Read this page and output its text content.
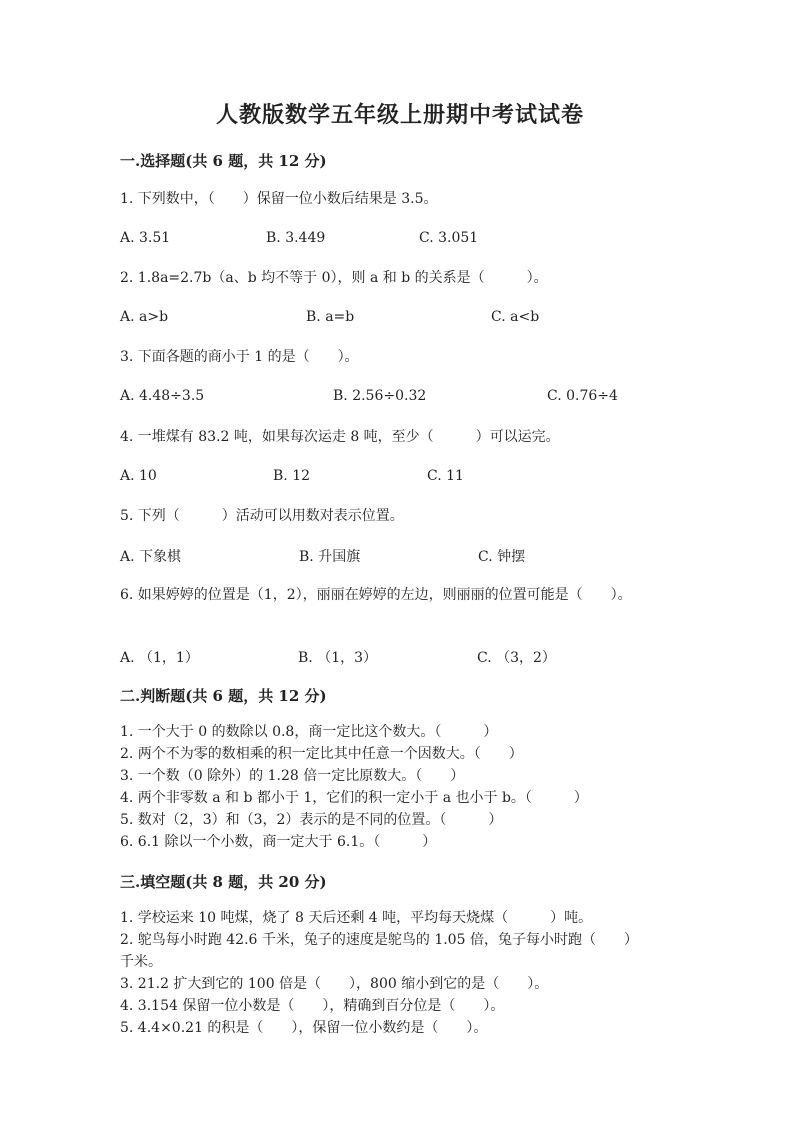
人教版数学五年级上册期中考试试卷
一.选择题(共 6 题，共 12 分)
1. 下列数中，（　　）保留一位小数后结果是 3.5。
A. 3.51	B. 3.449	C. 3.051
2. 1.8a=2.7b（a、b 均不等于 0），则 a 和 b 的关系是（　　　）。
A. a>b	B. a=b	C. a<b
3. 下面各题的商小于 1 的是（　　）。
A. 4.48÷3.5	B. 2.56÷0.32	C. 0.76÷4
4. 一堆煤有 83.2 吨，如果每次运走 8 吨，至少（　　　）可以运完。
A. 10	B. 12	C. 11
5. 下列（　　　）活动可以用数对表示位置。
A. 下象棋	B. 升国旗	C. 钟摆
6. 如果婷婷的位置是（1，2），丽丽在婷婷的左边，则丽丽的位置可能是（　　）。
A. （1，1）	B. （1，3）	C. （3，2）
二.判断题(共 6 题，共 12 分)
1. 一个大于 0 的数除以 0.8，商一定比这个数大。（　　　）
2. 两个不为零的数相乘的积一定比其中任意一个因数大。（　　）
3. 一个数（0 除外）的 1.28 倍一定比原数大。（　　）
4. 两个非零数 a 和 b 都小于 1，它们的积一定小于 a 也小于 b。（　　　）
5. 数对（2，3）和（3，2）表示的是不同的位置。（　　　）
6. 6.1 除以一个小数，商一定大于 6.1。（　　　）
三.填空题(共 8 题，共 20 分)
1. 学校运来 10 吨煤，烧了 8 天后还剩 4 吨，平均每天烧煤（　　　）吨。
2. 鸵鸟每小时跑 42.6 千米，兔子的速度是鸵鸟的 1.05 倍，兔子每小时跑（　　）千米。
3. 21.2 扩大到它的 100 倍是（　　），800 缩小到它的是（　　）。
4. 3.154 保留一位小数是（　　），精确到百分位是（　　）。
5. 4.4×0.21 的积是（　　），保留一位小数约是（　　）。
